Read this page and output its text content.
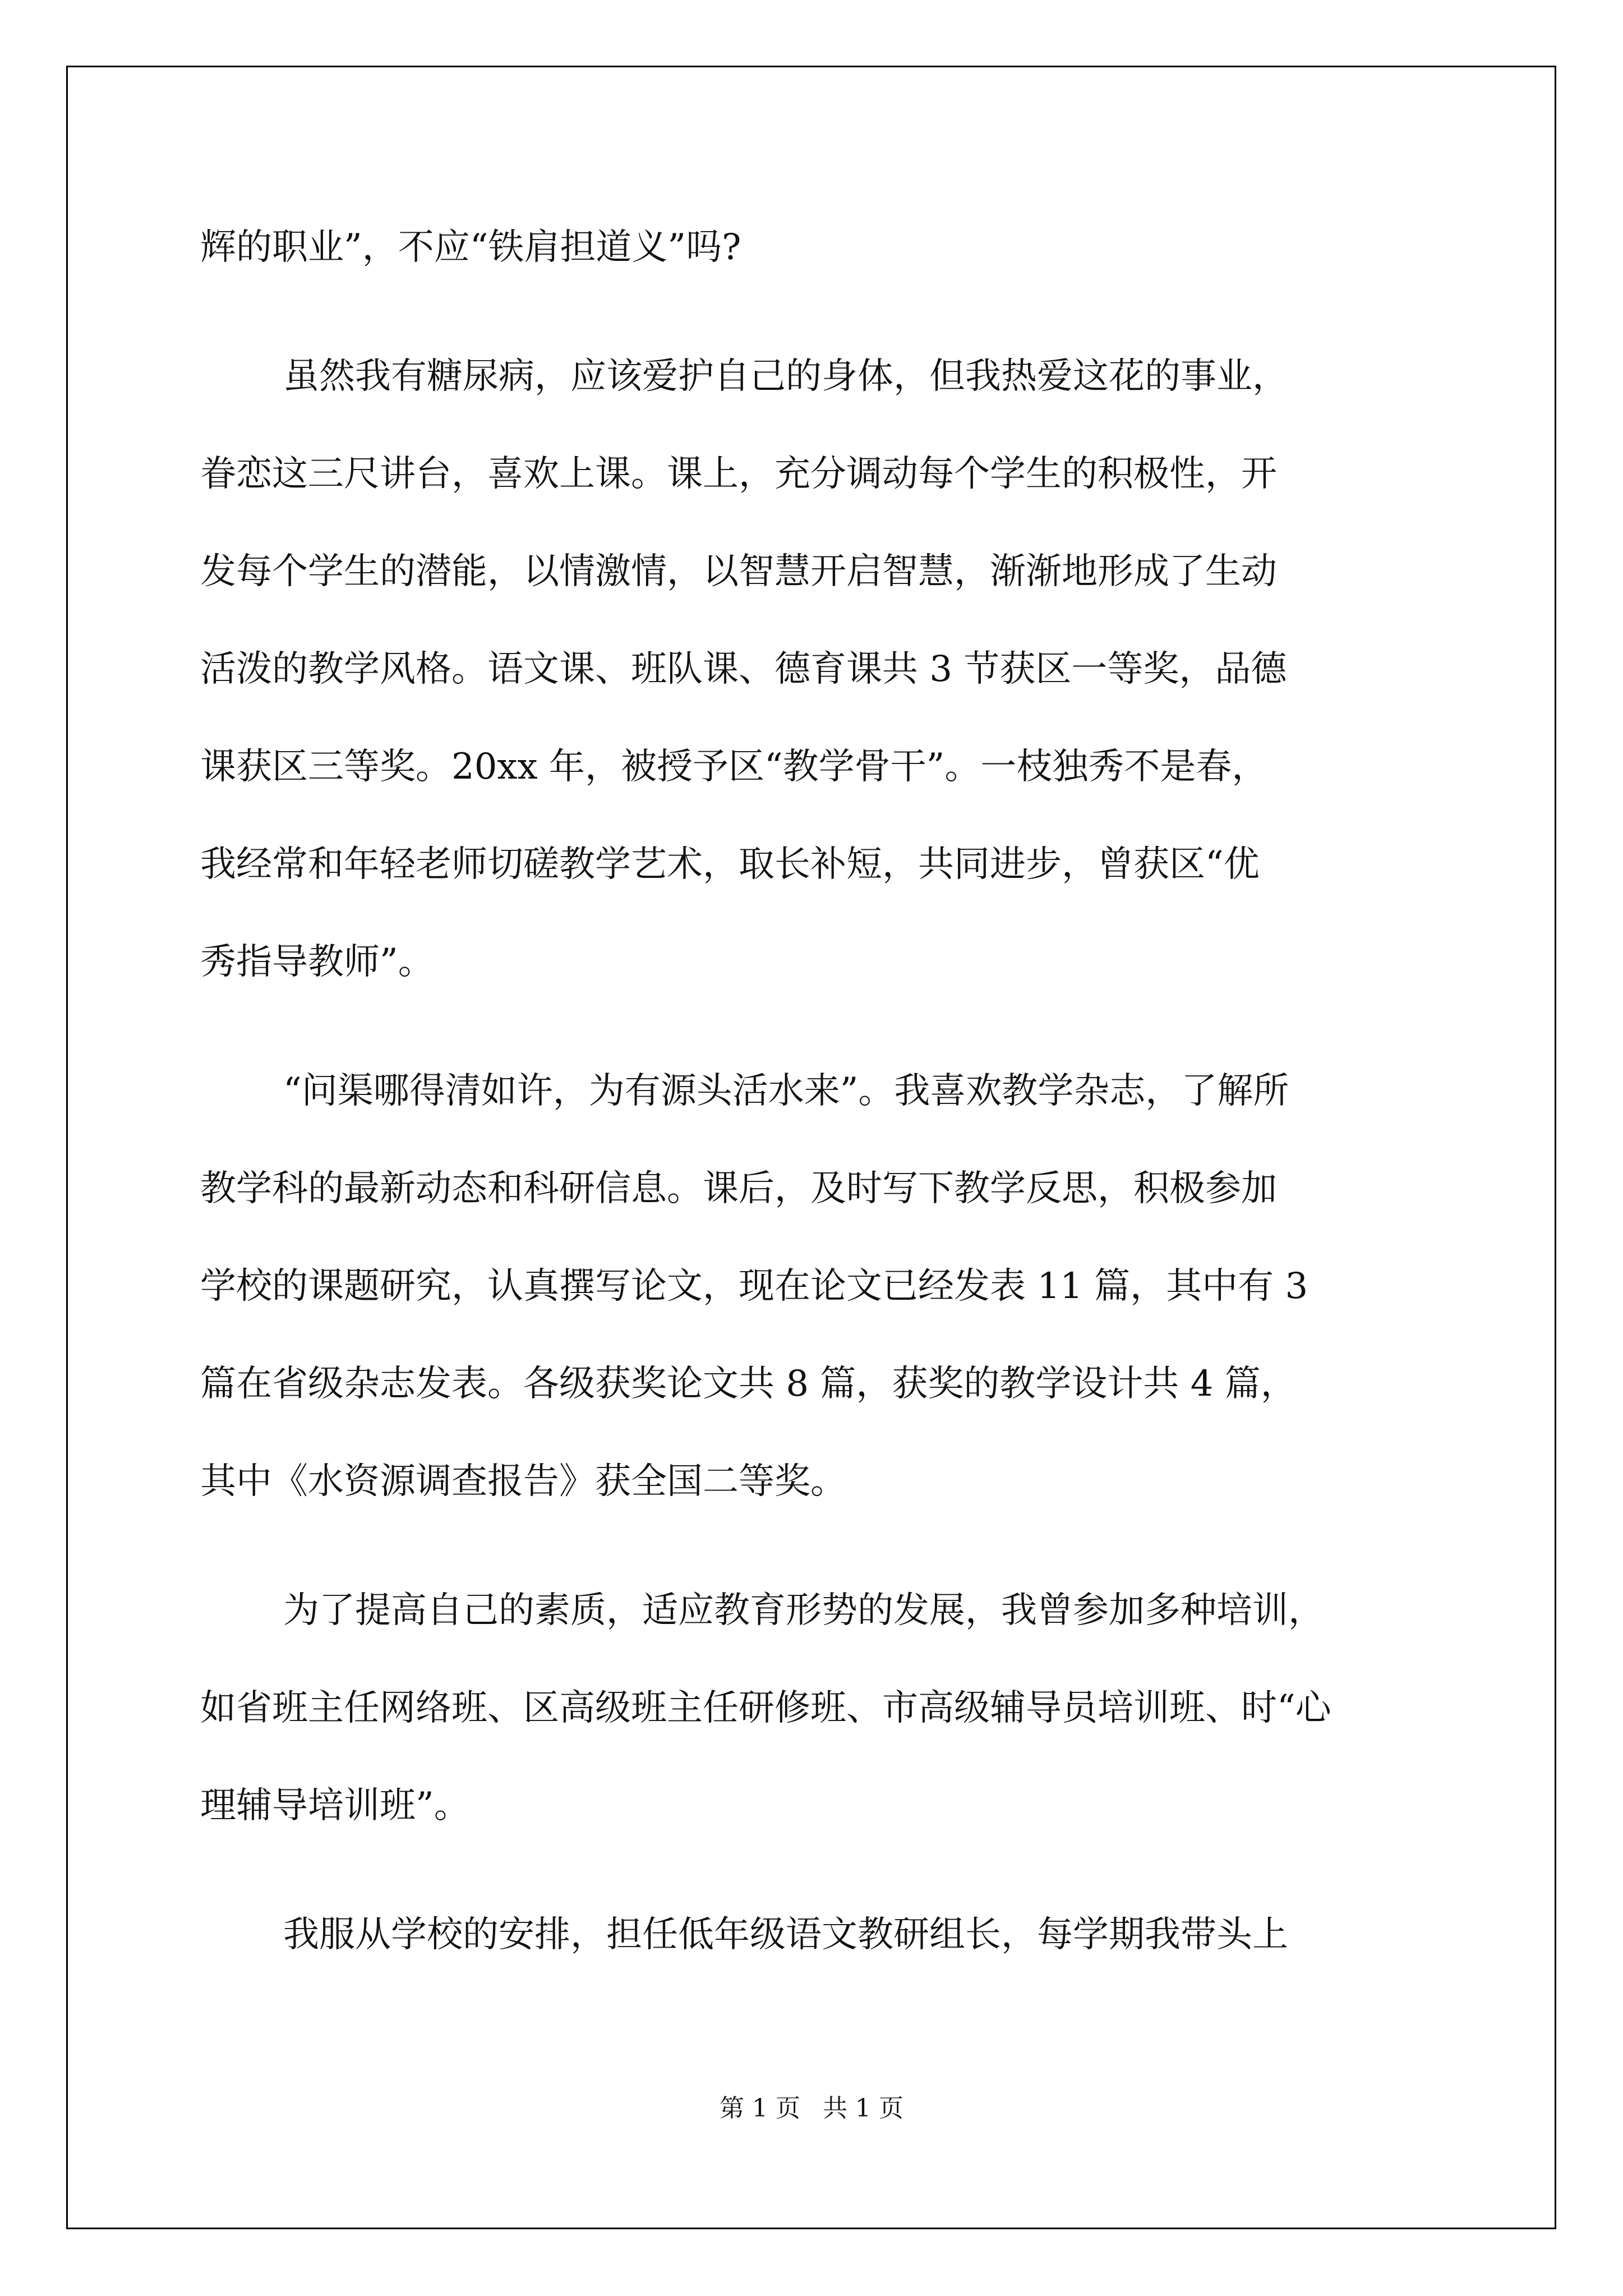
辉的职业”，不应“铁肩担道义”吗?
虽然我有糖尿病，应该爱护自己的身体，但我热爱这花的事业，
眷恋这三尺讲台，喜欢上课。课上，充分调动每个学生的积极性，开
发每个学生的潜能，以情激情，以智慧开启智慧，渐渐地形成了生动
活泼的教学风格。语文课、班队课、德育课共 3 节获区一等奖，品德
课获区三等奖。20xx 年，被授予区“教学骨干”。一枝独秀不是春，
我经常和年轻老师切磋教学艺术，取长补短，共同进步，曾获区“优
秀指导教师”。
“问渠哪得清如许，为有源头活水来”。我喜欢教学杂志，了解所
教学科的最新动态和科研信息。课后，及时写下教学反思，积极参加
学校的课题研究，认真撰写论文，现在论文已经发表 11 篇，其中有 3
篇在省级杂志发表。各级获奖论文共 8 篇，获奖的教学设计共 4 篇，
其中《水资源调查报告》获全国二等奖。
为了提高自己的素质，适应教育形势的发展，我曾参加多种培训，
如省班主任网络班、区高级班主任研修班、市高级辅导员培训班、时“心
理辅导培训班”。
我服从学校的安排，担任低年级语文教研组长，每学期我带头上
第 1 页 共 1 页
